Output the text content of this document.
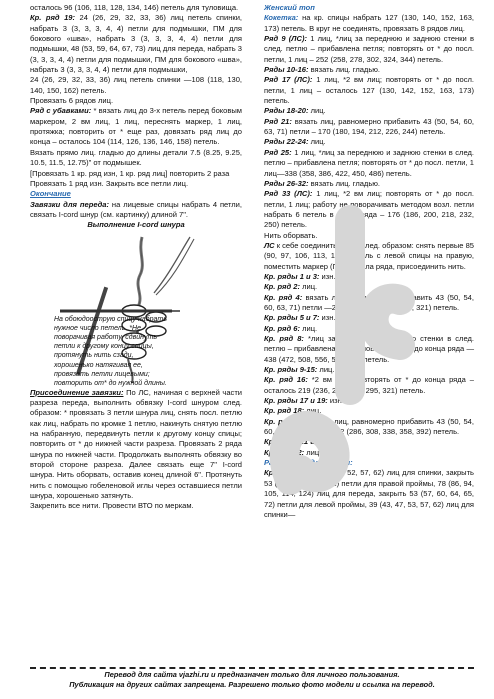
осталось 96 (106, 118, 128, 134, 146) петель для туловища.

Кр. ряд 19: 24 (26, 29, 32, 33, 36) лиц петель спинки, набрать 3 (3, 3, 3, 4, 4) петли для подмышки, ПМ для бокового «шва», набрать 3 (3, 3, 3, 4, 4) петли для подмышки, 48 (53, 59, 64, 67, 73) лиц для переда, набрать 3 (3, 3, 3, 4, 4) петли для подмышки, ПМ для бокового «шва», набрать 3 (3, 3, 3, 4, 4) петли для подмышки,

24 (26, 29, 32, 33, 36) лиц петель спинки —108 (118, 130, 140, 150, 162) петель.

Провязать 6 рядов лиц.

Ряд с убавками: * вязать лиц до 3-х петель перед боковым маркером, 2 вм лиц, 1 лиц, переснять маркер, 1 лиц, протяжка; повторить от * еще раз, довязать ряд лиц до конца – осталось 104 (114, 126, 136, 146, 158) петель.

Вязать прямо лиц. гладью до длины детали 7.5 (8.25, 9.25, 10.5, 11.5, 12.75)" от подмышек.

[Провязать 1 кр. ряд изн, 1 кр. ряд лиц] повторить 2 раза

Провязать 1 ряд изн. Закрыть все петли лиц.

Окончание

Завязки для переда: на лицевые спицы набрать 4 петли, связать I-cord шнур (см. картинку) длиной 7".

Выполнение I-cord шнура

На обоюдоострую спицу набрать нужное число петель. *Не поворачивая работу, сдвинуть петли к другому концу спицы, протянуть нить сзади, хорошенько натягивая ее, провязать петли лицевыми; повторить от* до нужной длины.

Присоединение завязки: По ЛС, начиная с верхней части разреза переда, выполнить обвязку I-cord шнуром след. образом: * провязать 3 петли шнура лиц, снять посл. петлю как лиц, набрать по кромке 1 петлю, накинуть снятую петлю на набранную, передвинуть петли к другому концу спицы; повторить от * до нижней части разреза. Провязать 2 ряда шнура по нижней части. Продолжать выполнять обвязку во второй стороне разреза. Далее связать еще 7" I-cord шнура. Нить оборвать, оставив конец длиной 6". Протянуть нить с помощью гобеленовой иглы через оставшиеся петли шнура, хорошенько затянуть.

Закрепить все нити. Провести ВТО по меркам.

Женский топ

Кокетка: на кр. спицы набрать 127 (130, 140, 152, 163, 173) петель. В круг не соединять, провязать 8 рядов лиц.

Ряд 9 (ЛС): 1 лиц, *лиц за переднюю и заднюю стенки в след. петлю – прибавлена петля; повторять от * до посл. петли, 1 лиц – 252 (258, 278, 302, 324, 344) петель.

Ряды 10-16: вязать лиц. гладью.

Ряд 17 (ЛС): 1 лиц, *2 вм лиц; повторять от * до посл. петли, 1 лиц – осталось 127 (130, 142, 152, 163, 173) петель.

Ряды 18-20: лиц.

Ряд 21: вязать лиц, равномерно прибавить 43 (50, 54, 60, 63, 71) петли – 170 (180, 194, 212, 226, 244) петель.

Ряды 22-24: лиц.

Ряд 25: 1 лиц, *лиц за переднюю и заднюю стенки в след. петлю – прибавлена петля; повторять от * до посл. петли, 1 лиц—338 (358, 386, 422, 450, 486) петель.

Ряды 26-32: вязать лиц. гладью.

Ряд 33 (ЛС): 1 лиц, *2 вм лиц; повторять от * до посл. петли, 1 лиц; работу не поворачивать методом возл. петли набрать 6 петель в конце ряда – 176 (186, 200, 218, 232, 250) петель.

Нить оборвать.

ЛС к себе соединить в круг след. образом: снять первые 85 (90, 97, 106, 113, 122) петель с левой спицы на правую, поместить маркер (ПМ) начала ряда, присоединить нить.

Кр. ряды 1 и 3: изн.

Кр. ряд 2: лиц.

Кр. ряд 4: вязать лиц, равномерно прибавить 43 (50, 54, 60, 63, 71) петли —219 (236, 254, 278, 295, 321) петель.

Кр. ряды 5 и 7: изн.

Кр. ряд 6: лиц.

Кр. ряд 8: *лиц за переднюю и заднюю стенки в след. петлю – прибавлена петля; повторять от * до конца ряда —438 (472, 508, 556, 590, 642)петель.

Кр. ряды 9-15: лиц.

Кр. ряд 16: *2 вм лиц; повторять от * до конца ряда – осталось 219 (236, 254, 278, 295, 321) петель.

Кр. ряды 17 и 19: изн.

Кр. ряд 18: лиц.

Кр. ряд 20: вязать лиц, равномерно прибавить 43 (50, 54, 60, 63, 71) петли —262 (286, 308, 338, 358, 392) петель.

Кр. ряды 21 и 23: изн.

Кр. ряд 22: лиц.

Разделение для пройм:

Кр. ряд 24: 39 (43, 47, 52, 57, 62) лиц для спинки, закрыть 53 (57, 60, 64, 65, 72) петли для правой проймы, 78 (86, 94, 105, 114, 124) лиц для переда, закрыть 53 (57, 60, 64, 65, 72) петли для левой проймы, 39 (43, 47, 53, 57, 62) лиц для спинки—

Перевод для сайта vjazhi.ru и предназначен только для личного пользования.
Публикация на других сайтах запрещена. Разрешено только фото модели и ссылка на перевод.
